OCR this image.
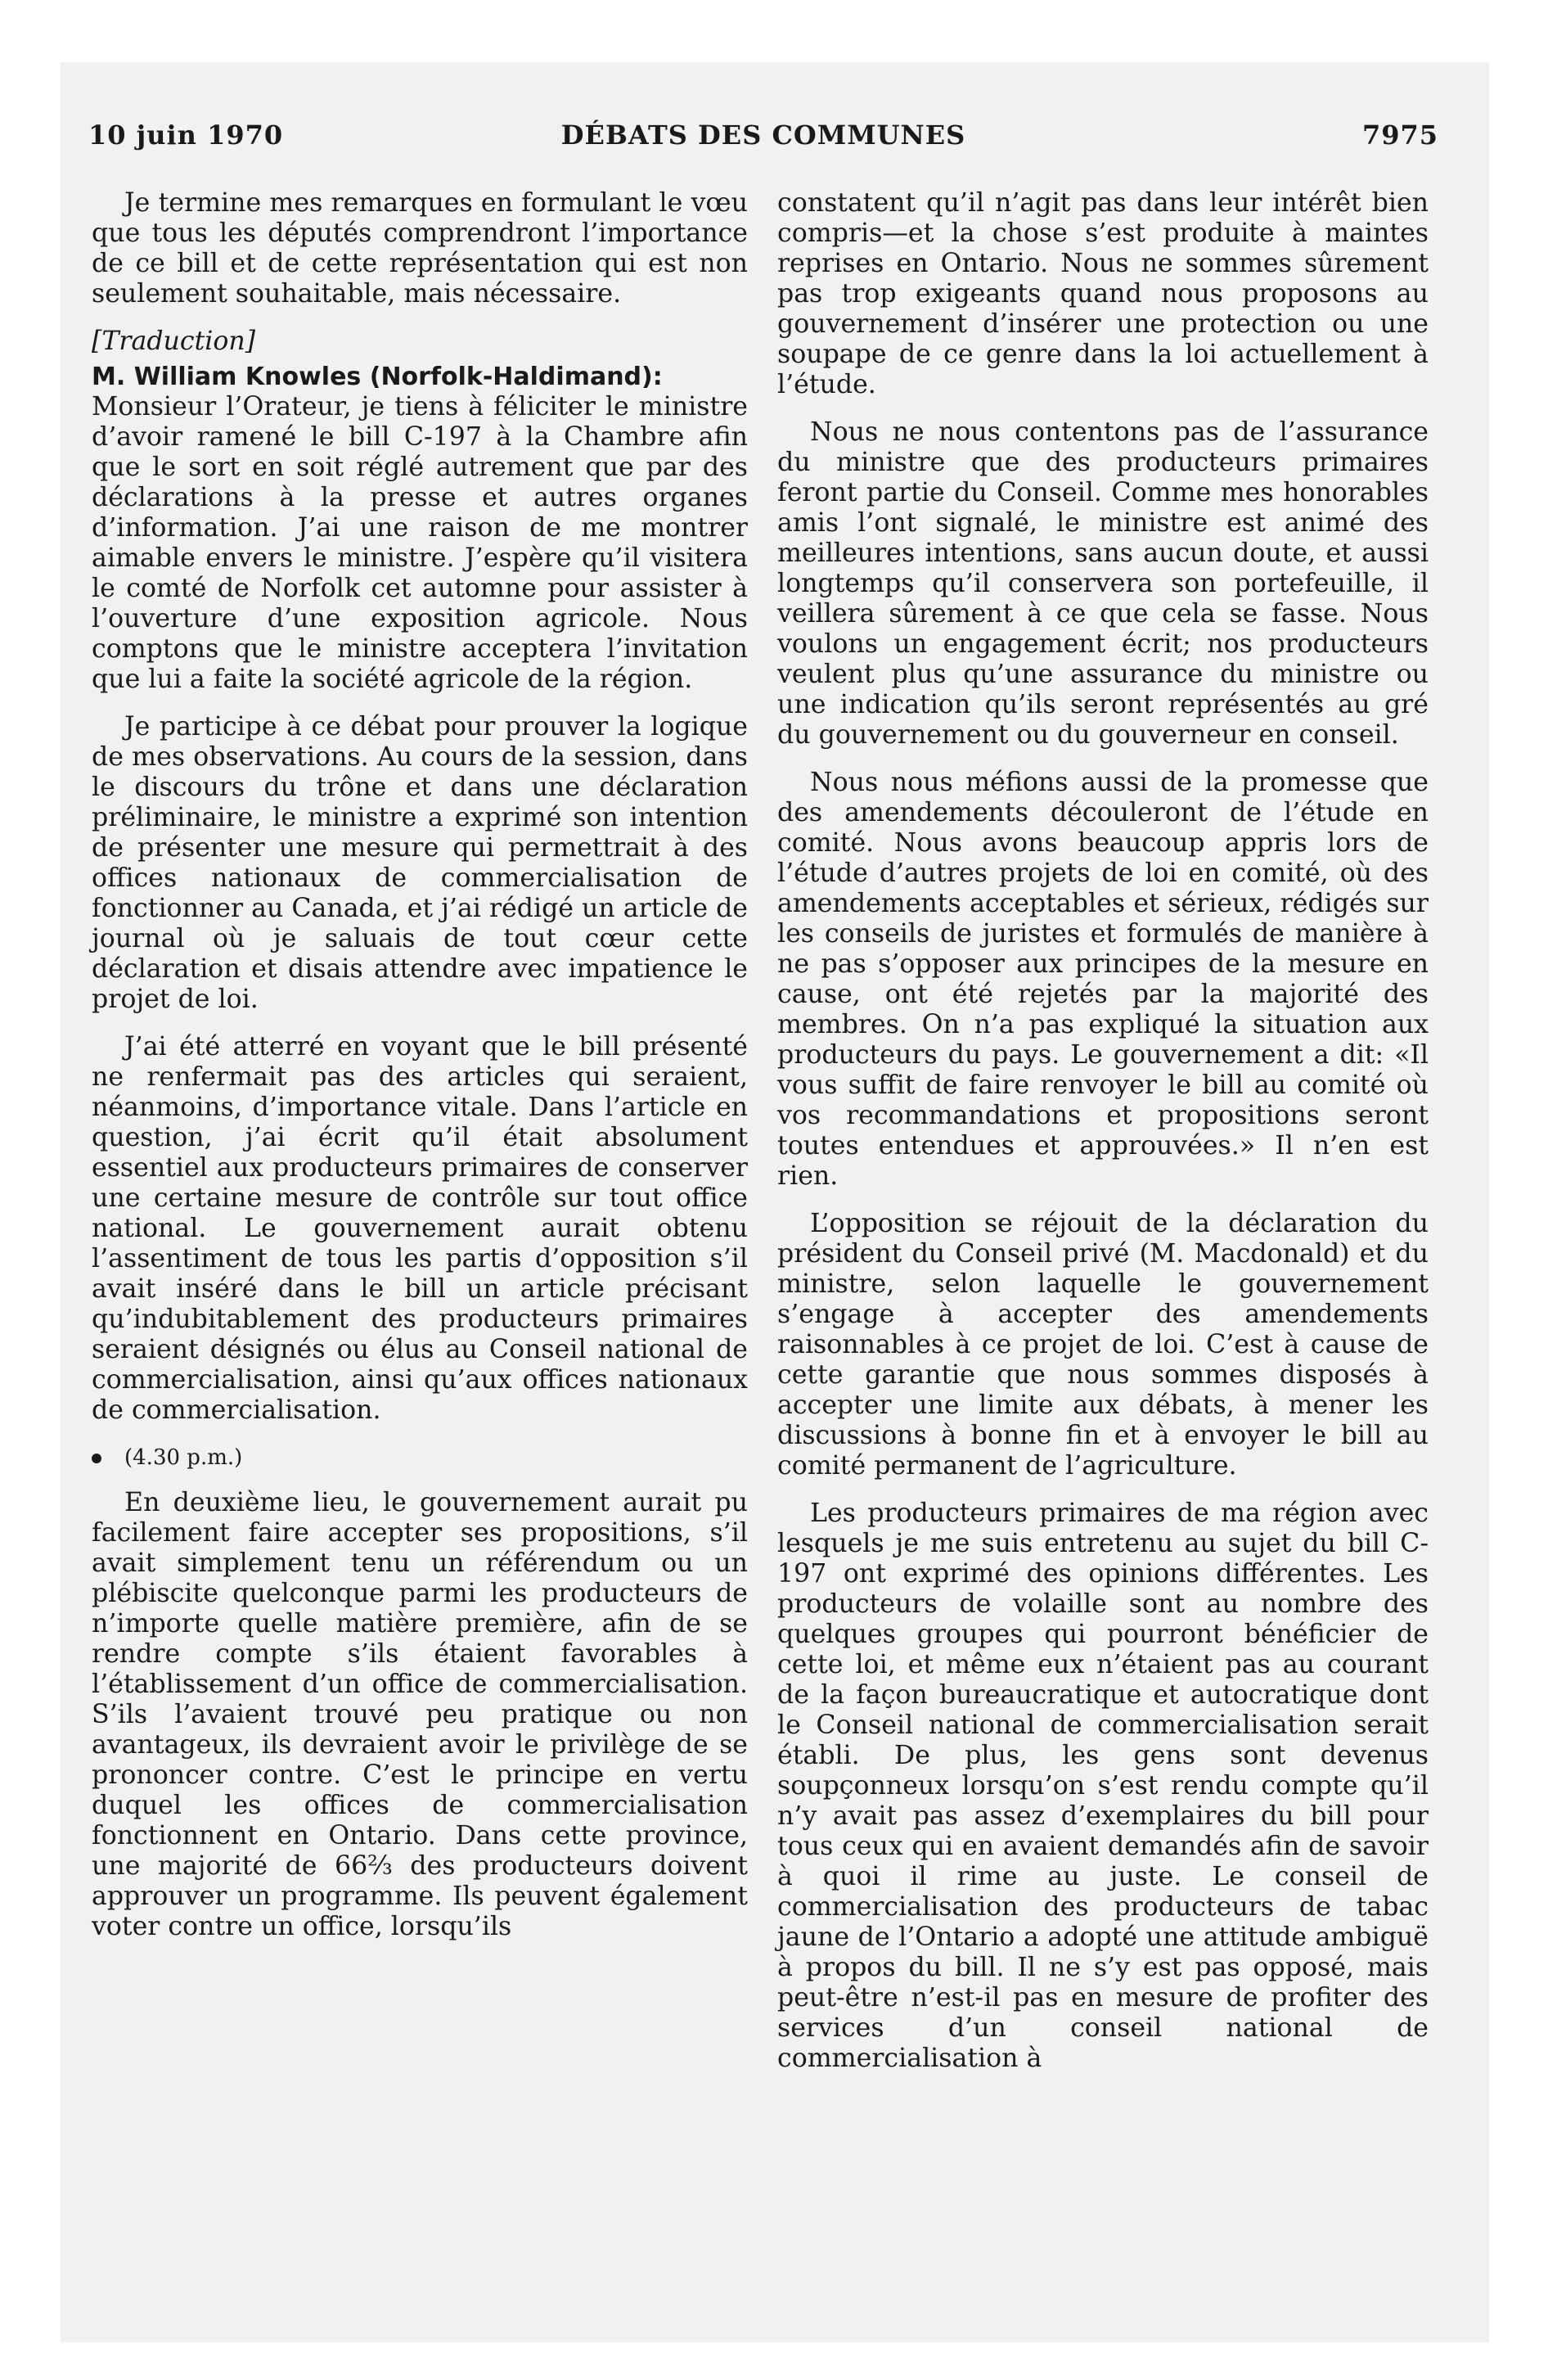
10 juin 1970	DÉBATS DES COMMUNES	7975

Je termine mes remarques en formulant le vœu que tous les députés comprendront l’importance de ce bill et de cette représentation qui est non seulement souhaitable, mais nécessaire.

[Traduction]

M. William Knowles (Norfolk-Haldimand):

Monsieur l’Orateur, je tiens à féliciter le ministre d’avoir ramené le bill C-197 à la Chambre afin que le sort en soit réglé autrement que par des déclarations à la presse et autres organes d’information. J’ai une raison de me montrer aimable envers le ministre. J’espère qu’il visitera le comté de Norfolk cet automne pour assister à l’ouverture d’une exposition agricole. Nous comptons que le ministre acceptera l’invitation que lui a faite la société agricole de la région.

Je participe à ce débat pour prouver la logique de mes observations. Au cours de la session, dans le discours du trône et dans une déclaration préliminaire, le ministre a exprimé son intention de présenter une mesure qui permettrait à des offices nationaux de commercialisation de fonctionner au Canada, et j’ai rédigé un article de journal où je saluais de tout cœur cette déclaration et disais attendre avec impatience le projet de loi.

J’ai été atterré en voyant que le bill présenté ne renfermait pas des articles qui seraient, néanmoins, d’importance vitale. Dans l’article en question, j’ai écrit qu’il était absolument essentiel aux producteurs primaires de conserver une certaine mesure de contrôle sur tout office national. Le gouvernement aurait obtenu l’assentiment de tous les partis d’opposition s’il avait inséré dans le bill un article précisant qu’indubitablement des producteurs primaires seraient désignés ou élus au Conseil national de commercialisation, ainsi qu’aux offices nationaux de commercialisation.

(4.30 p.m.)

En deuxième lieu, le gouvernement aurait pu facilement faire accepter ses propositions, s’il avait simplement tenu un référendum ou un plébiscite quelconque parmi les producteurs de n’importe quelle matière première, afin de se rendre compte s’ils étaient favorables à l’établissement d’un office de commercialisation. S’ils l’avaient trouvé peu pratique ou non avantageux, ils devraient avoir le privilège de se prononcer contre. C’est le principe en vertu duquel les offices de commercialisation fonctionnent en Ontario. Dans cette province, une majorité de 66⅔ des producteurs doivent approuver un programme. Ils peuvent également voter contre un office, lorsqu’ils

constatent qu’il n’agit pas dans leur intérêt bien compris—et la chose s’est produite à maintes reprises en Ontario. Nous ne sommes sûrement pas trop exigeants quand nous proposons au gouvernement d’insérer une protection ou une soupape de ce genre dans la loi actuellement à l’étude.

Nous ne nous contentons pas de l’assurance du ministre que des producteurs primaires feront partie du Conseil. Comme mes honorables amis l’ont signalé, le ministre est animé des meilleures intentions, sans aucun doute, et aussi longtemps qu’il conservera son portefeuille, il veillera sûrement à ce que cela se fasse. Nous voulons un engagement écrit; nos producteurs veulent plus qu’une assurance du ministre ou une indication qu’ils seront représentés au gré du gouvernement ou du gouverneur en conseil.

Nous nous méfions aussi de la promesse que des amendements découleront de l’étude en comité. Nous avons beaucoup appris lors de l’étude d’autres projets de loi en comité, où des amendements acceptables et sérieux, rédigés sur les conseils de juristes et formulés de manière à ne pas s’opposer aux principes de la mesure en cause, ont été rejetés par la majorité des membres. On n’a pas expliqué la situation aux producteurs du pays. Le gouvernement a dit: «Il vous suffit de faire renvoyer le bill au comité où vos recommandations et propositions seront toutes entendues et approuvées.» Il n’en est rien.

L’opposition se réjouit de la déclaration du président du Conseil privé (M. Macdonald) et du ministre, selon laquelle le gouvernement s’engage à accepter des amendements raisonnables à ce projet de loi. C’est à cause de cette garantie que nous sommes disposés à accepter une limite aux débats, à mener les discussions à bonne fin et à envoyer le bill au comité permanent de l’agriculture.

Les producteurs primaires de ma région avec lesquels je me suis entretenu au sujet du bill C-197 ont exprimé des opinions différentes. Les producteurs de volaille sont au nombre des quelques groupes qui pourront bénéficier de cette loi, et même eux n’étaient pas au courant de la façon bureaucratique et autocratique dont le Conseil national de commercialisation serait établi. De plus, les gens sont devenus soupçonneux lorsqu’on s’est rendu compte qu’il n’y avait pas assez d’exemplaires du bill pour tous ceux qui en avaient demandés afin de savoir à quoi il rime au juste. Le conseil de commercialisation des producteurs de tabac jaune de l’Ontario a adopté une attitude ambiguë à propos du bill. Il ne s’y est pas opposé, mais peut-être n’est-il pas en mesure de profiter des services d’un conseil national de commercialisation à
